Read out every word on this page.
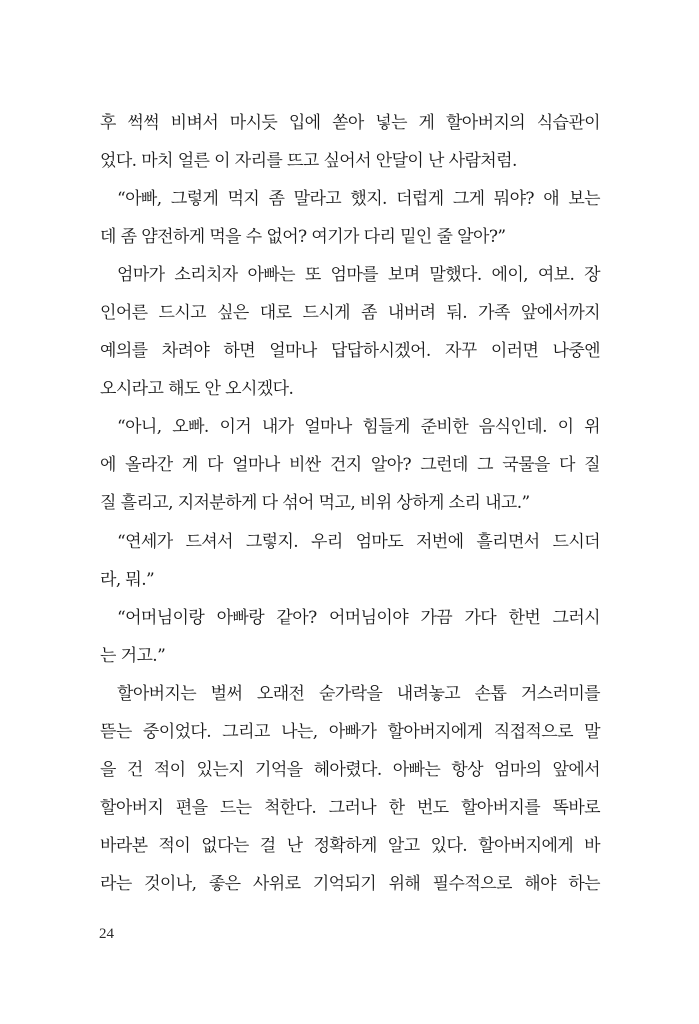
후 썩썩 비벼서 마시듯 입에 쏟아 넣는 게 할아버지의 식습관이
었다. 마치 얼른 이 자리를 뜨고 싶어서 안달이 난 사람처럼.
“아빠, 그렇게 먹지 좀 말라고 했지. 더럽게 그게 뭐야? 애 보는
데 좀 얌전하게 먹을 수 없어? 여기가 다리 밑인 줄 알아?”
엄마가 소리치자 아빠는 또 엄마를 보며 말했다. 에이, 여보. 장
인어른 드시고 싶은 대로 드시게 좀 내버려 둬. 가족 앞에서까지
예의를 차려야 하면 얼마나 답답하시겠어. 자꾸 이러면 나중엔
오시라고 해도 안 오시겠다.
“아니, 오빠. 이거 내가 얼마나 힘들게 준비한 음식인데. 이 위
에 올라간 게 다 얼마나 비싼 건지 알아? 그런데 그 국물을 다 질
질 흘리고, 지저분하게 다 섞어 먹고, 비위 상하게 소리 내고.”
“연세가 드셔서 그렇지. 우리 엄마도 저번에 흘리면서 드시더
라, 뭐.”
“어머님이랑 아빠랑 같아? 어머님이야 가끔 가다 한번 그러시
는 거고.”
할아버지는 벌써 오래전 숟가락을 내려놓고 손톱 거스러미를
뜯는 중이었다. 그리고 나는, 아빠가 할아버지에게 직접적으로 말
을 건 적이 있는지 기억을 헤아렸다. 아빠는 항상 엄마의 앞에서
할아버지 편을 드는 척한다. 그러나 한 번도 할아버지를 똑바로
바라본 적이 없다는 걸 난 정확하게 알고 있다. 할아버지에게 바
라는 것이나, 좋은 사위로 기억되기 위해 필수적으로 해야 하는
24
